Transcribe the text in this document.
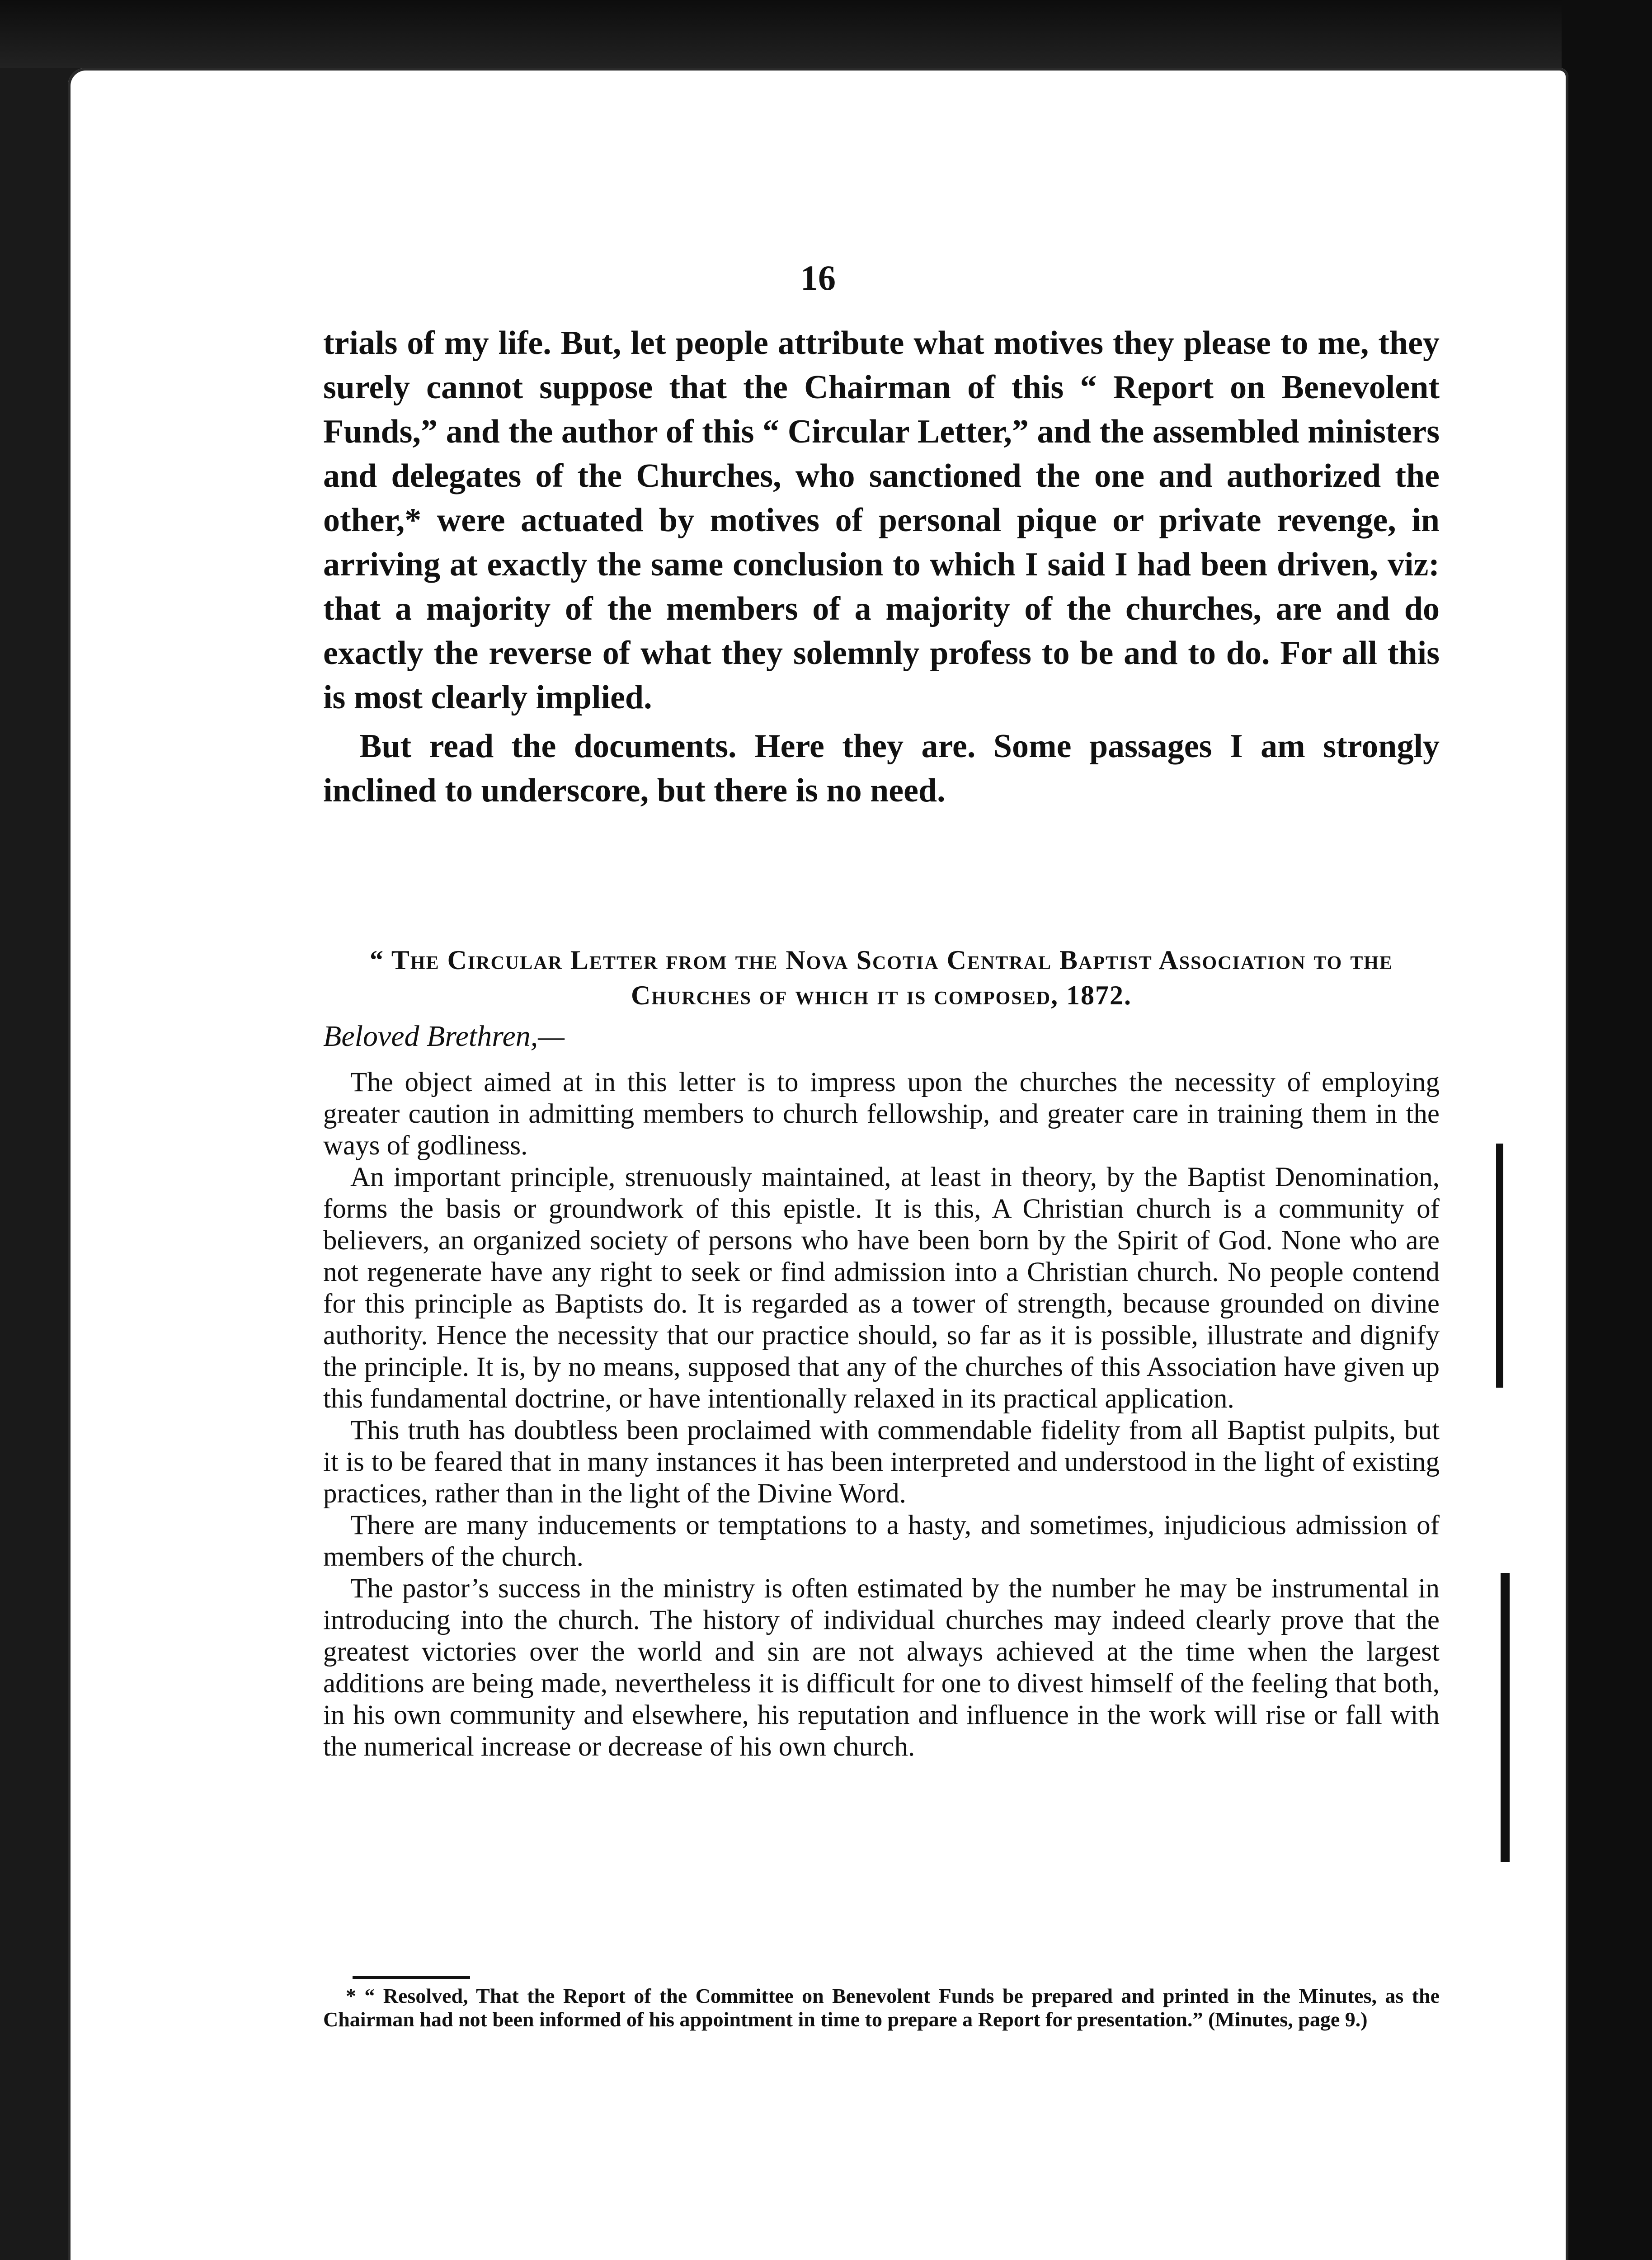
16

trials of my life. But, let people attribute what motives they please to me, they surely cannot suppose that the Chairman of this “ Report on Benevolent Funds,” and the author of this “ Circular Letter,” and the assembled ministers and delegates of the Churches, who sanctioned the one and authorized the other,* were actuated by motives of personal pique or private revenge, in arriving at exactly the same conclusion to which I said I had been driven, viz: that a majority of the members of a majority of the churches, are and do exactly the reverse of what they solemnly profess to be and to do. For all this is most clearly implied.

But read the documents. Here they are. Some passages I am strongly inclined to underscore, but there is no need.

“ The Circular Letter from the Nova Scotia Central Baptist Association to the Churches of which it is composed, 1872.
Beloved Brethren,—

The object aimed at in this letter is to impress upon the churches the necessity of employing greater caution in admitting members to church fellowship, and greater care in training them in the ways of godliness.

An important principle, strenuously maintained, at least in theory, by the Baptist Denomination, forms the basis or groundwork of this epistle. It is this, A Christian church is a community of believers, an organized society of persons who have been born by the Spirit of God. None who are not regenerate have any right to seek or find admission into a Christian church. No people contend for this principle as Baptists do. It is regarded as a tower of strength, because grounded on divine authority. Hence the necessity that our practice should, so far as it is possible, illustrate and dignify the principle. It is, by no means, supposed that any of the churches of this Association have given up this fundamental doctrine, or have intentionally relaxed in its practical application.

This truth has doubtless been proclaimed with commendable fidelity from all Baptist pulpits, but it is to be feared that in many instances it has been interpreted and understood in the light of existing practices, rather than in the light of the Divine Word.

There are many inducements or temptations to a hasty, and sometimes, injudicious admission of members of the church.

The pastor’s success in the ministry is often estimated by the number he may be instrumental in introducing into the church. The history of individual churches may indeed clearly prove that the greatest victories over the world and sin are not always achieved at the time when the largest additions are being made, nevertheless it is difficult for one to divest himself of the feeling that both, in his own community and elsewhere, his reputation and influence in the work will rise or fall with the numerical increase or decrease of his own church.

* “ Resolved, That the Report of the Committee on Benevolent Funds be prepared and printed in the Minutes, as the Chairman had not been informed of his appointment in time to prepare a Report for presentation.” (Minutes, page 9.)
